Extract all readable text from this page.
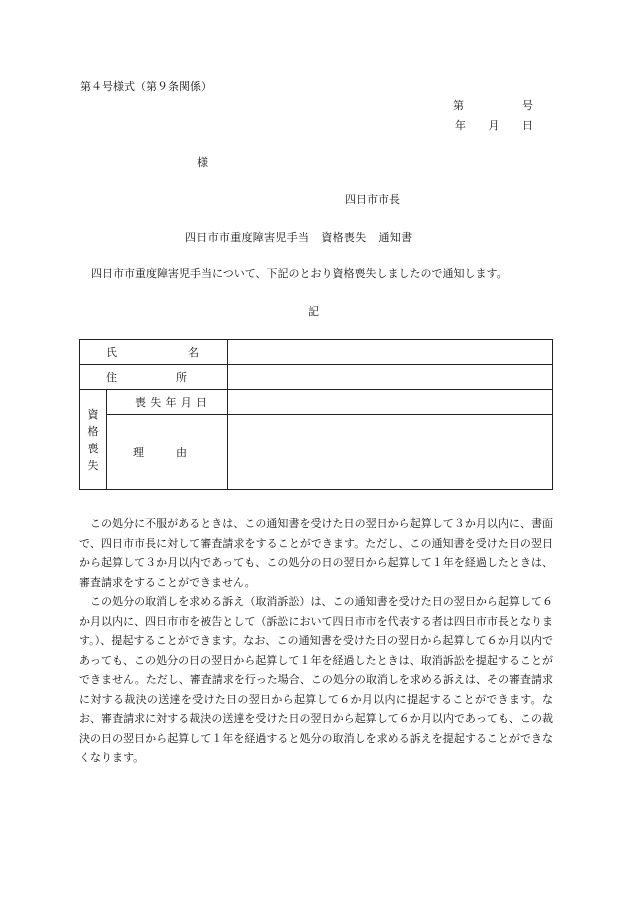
第４号様式（第９条関係）
第	号
年 月 日
様
四日市市長
四日市市重度障害児手当 資格喪失 通知書
四日市市重度障害児手当について、下記のとおり資格喪失しましたので通知します。
記
氏 名		

住 所		

資
格
喪
失	喪 失 年 月 日	

	理 由	

この処分に不服があるときは、この通知書を受けた日の翌日から起算して３か月以内に、書面で、四日市市長に対して審査請求をすることができます。ただし、この通知書を受けた日の翌日から起算して３か月以内であっても、この処分の日の翌日から起算して１年を経過したときは、審査請求をすることができません。

この処分の取消しを求める訴え（取消訴訟）は、この通知書を受けた日の翌日から起算して６か月以内に、四日市市を被告として（訴訟において四日市市を代表する者は四日市市長となります。）、提起することができます。なお、この通知書を受けた日の翌日から起算して６か月以内であっても、この処分の日の翌日から起算して１年を経過したときは、取消訴訟を提起することができません。ただし、審査請求を行った場合、この処分の取消しを求める訴えは、その審査請求に対する裁決の送達を受けた日の翌日から起算して６か月以内に提起することができます。なお、審査請求に対する裁決の送達を受けた日の翌日から起算して６か月以内であっても、この裁決の日の翌日から起算して１年を経過すると処分の取消しを求める訴えを提起することができなくなります。
